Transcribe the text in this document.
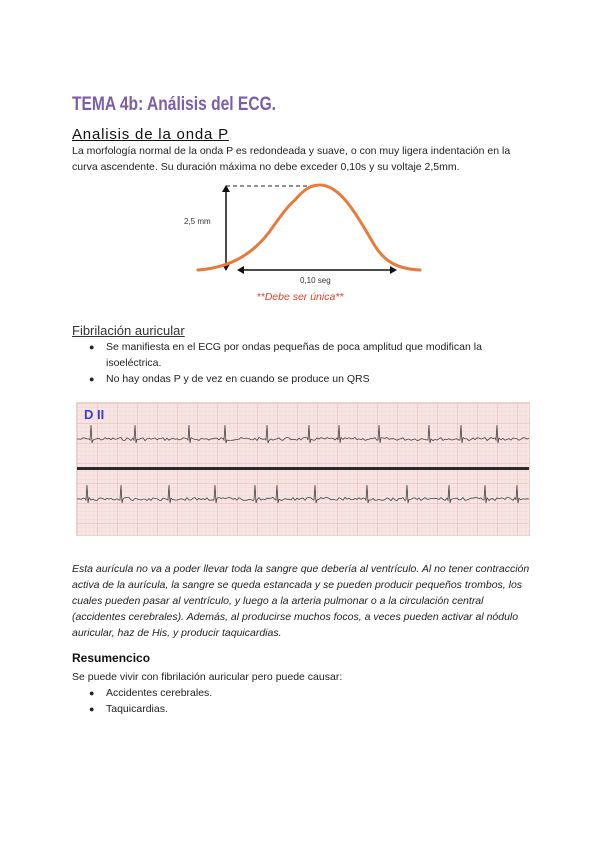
TEMA 4b: Análisis del ECG.
Analisis de la onda P
La morfología normal de la onda P es redondeada y suave, o con muy ligera indentación en la curva ascendente. Su duración máxima no debe exceder 0,10s y su voltaje 2,5mm.
2,5 mm
0,10 seg
**Debe ser única**
Fibrilación auricular
● Se manifiesta en el ECG por ondas pequeñas de poca amplitud que modifican la isoeléctrica.
● No hay ondas P y de vez en cuando se produce un QRS
D II
Esta aurícula no va a poder llevar toda la sangre que debería al ventrículo. Al no tener contracción activa de la aurícula, la sangre se queda estancada y se pueden producir pequeños trombos, los cuales pueden pasar al ventrículo, y luego a la arteria pulmonar o a la circulación central (accidentes cerebrales). Además, al producirse muchos focos, a veces pueden activar al nódulo auricular, haz de His, y producir taquicardias.
Resumencico
Se puede vivir con fibrilación auricular pero puede causar:
● Accidentes cerebrales.
● Taquicardias.
